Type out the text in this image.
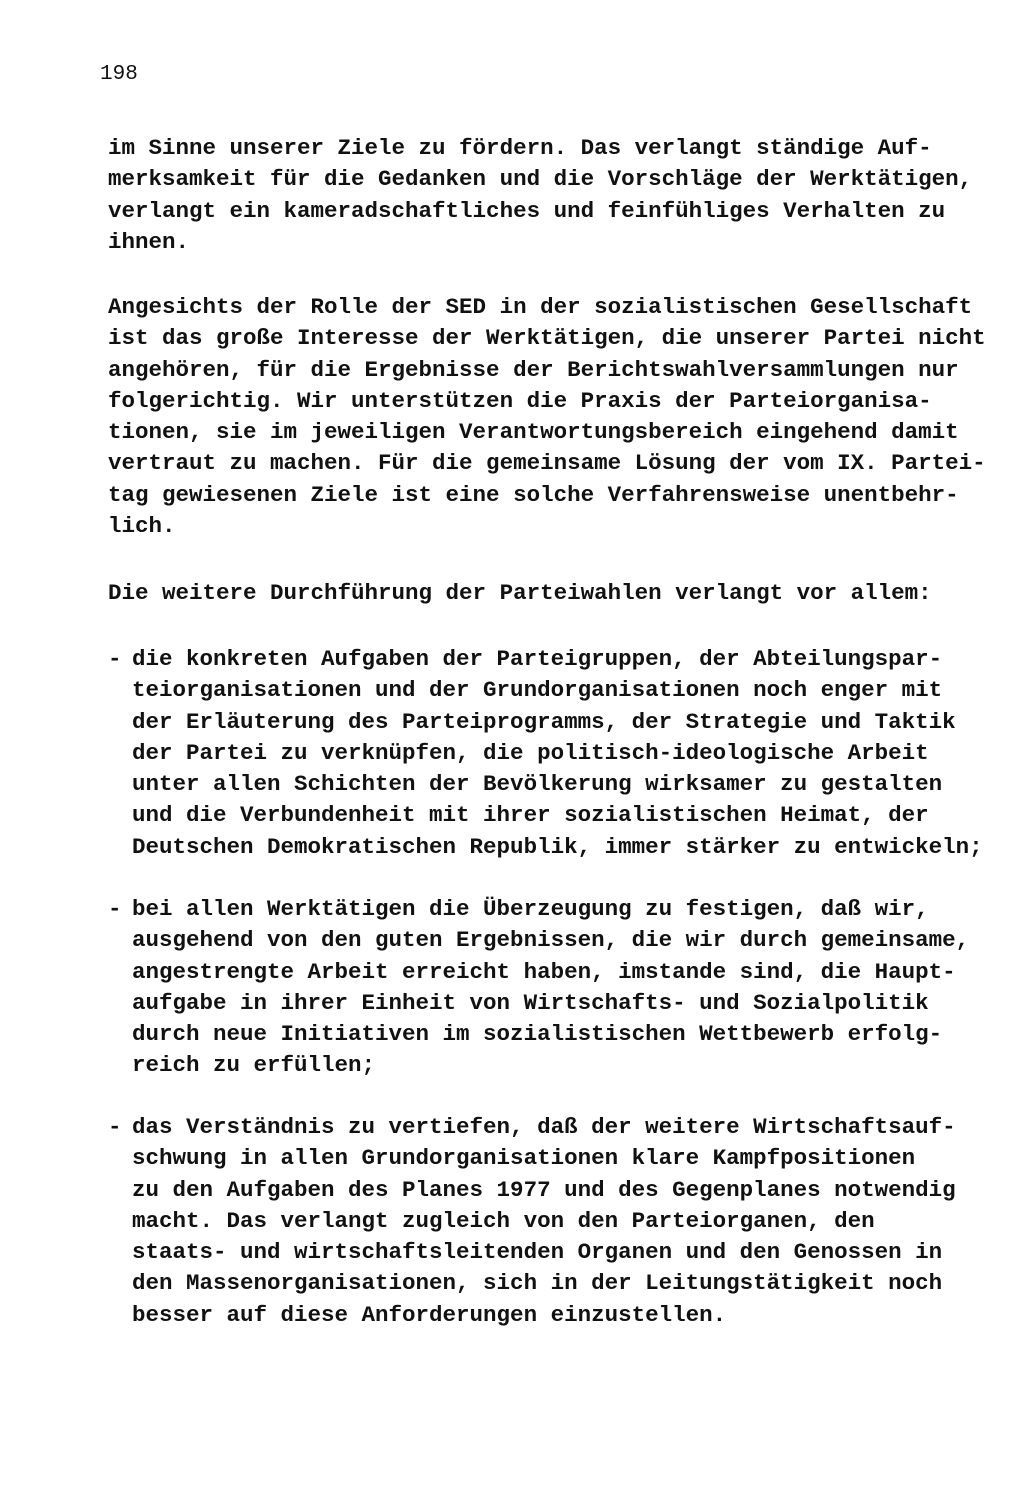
198
im Sinne unserer Ziele zu fördern. Das verlangt ständige Auf-
merksamkeit für die Gedanken und die Vorschläge der Werktätigen,
verlangt ein kameradschaftliches und feinfühliges Verhalten zu
ihnen.
Angesichts der Rolle der SED in der sozialistischen Gesellschaft
ist das große Interesse der Werktätigen, die unserer Partei nicht
angehören, für die Ergebnisse der Berichtswahlversammlungen nur
folgerichtig. Wir unterstützen die Praxis der Parteiorganisa-
tionen, sie im jeweiligen Verantwortungsbereich eingehend damit
vertraut zu machen. Für die gemeinsame Lösung der vom IX. Partei-
tag gewiesenen Ziele ist eine solche Verfahrensweise unentbehr-
lich.
Die weitere Durchführung der Parteiwahlen verlangt vor allem:
- die konkreten Aufgaben der Parteigruppen, der Abteilungspar-
teiorganisationen und der Grundorganisationen noch enger mit
der Erläuterung des Parteiprogramms, der Strategie und Taktik
der Partei zu verknüpfen, die politisch-ideologische Arbeit
unter allen Schichten der Bevölkerung wirksamer zu gestalten
und die Verbundenheit mit ihrer sozialistischen Heimat, der
Deutschen Demokratischen Republik, immer stärker zu entwickeln;
- bei allen Werktätigen die Überzeugung zu festigen, daß wir,
ausgehend von den guten Ergebnissen, die wir durch gemeinsame,
angestrengte Arbeit erreicht haben, imstande sind, die Haupt-
aufgabe in ihrer Einheit von Wirtschafts- und Sozialpolitik
durch neue Initiativen im sozialistischen Wettbewerb erfolg-
reich zu erfüllen;
- das Verständnis zu vertiefen, daß der weitere Wirtschaftsauf-
schwung in allen Grundorganisationen klare Kampfpositionen
zu den Aufgaben des Planes 1977 und des Gegenplanes notwendig
macht. Das verlangt zugleich von den Parteiorganen, den
staats- und wirtschaftsleitenden Organen und den Genossen in
den Massenorganisationen, sich in der Leitungstätigkeit noch
besser auf diese Anforderungen einzustellen.
